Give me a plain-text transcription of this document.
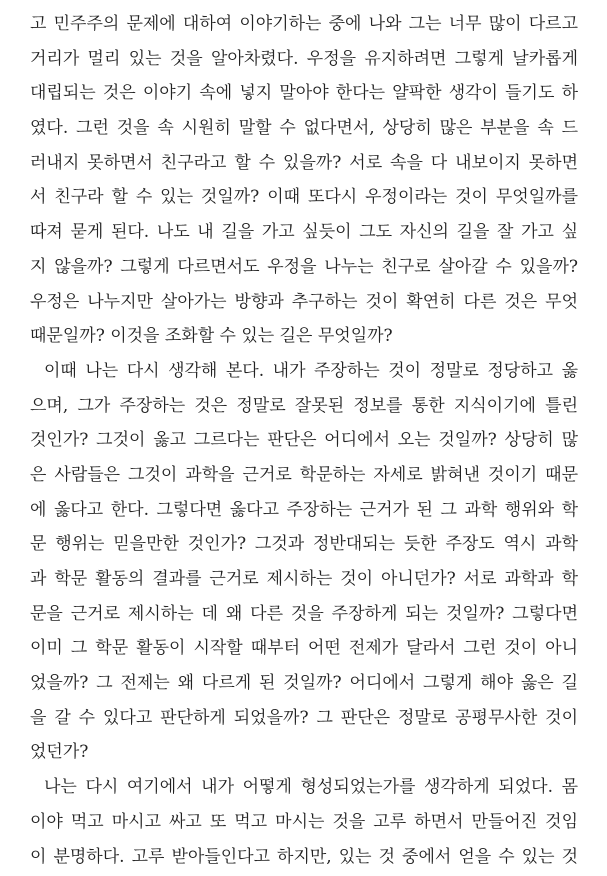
고 민주주의 문제에 대하여 이야기하는 중에 나와 그는 너무 많이 다르고
거리가 멀리 있는 것을 알아차렸다. 우정을 유지하려면 그렇게 날카롭게
대립되는 것은 이야기 속에 넣지 말아야 한다는 얄팍한 생각이 들기도 하
였다. 그런 것을 속 시원히 말할 수 없다면서, 상당히 많은 부분을 속 드
러내지 못하면서 친구라고 할 수 있을까? 서로 속을 다 내보이지 못하면
서 친구라 할 수 있는 것일까? 이때 또다시 우정이라는 것이 무엇일까를
따져 묻게 된다. 나도 내 길을 가고 싶듯이 그도 자신의 길을 잘 가고 싶
지 않을까? 그렇게 다르면서도 우정을 나누는 친구로 살아갈 수 있을까?
우정은 나누지만 살아가는 방향과 추구하는 것이 확연히 다른 것은 무엇
때문일까? 이것을 조화할 수 있는 길은 무엇일까?
이때 나는 다시 생각해 본다. 내가 주장하는 것이 정말로 정당하고 옳
으며, 그가 주장하는 것은 정말로 잘못된 정보를 통한 지식이기에 틀린
것인가? 그것이 옳고 그르다는 판단은 어디에서 오는 것일까? 상당히 많
은 사람들은 그것이 과학을 근거로 학문하는 자세로 밝혀낸 것이기 때문
에 옳다고 한다. 그렇다면 옳다고 주장하는 근거가 된 그 과학 행위와 학
문 행위는 믿을만한 것인가? 그것과 정반대되는 듯한 주장도 역시 과학
과 학문 활동의 결과를 근거로 제시하는 것이 아니던가? 서로 과학과 학
문을 근거로 제시하는 데 왜 다른 것을 주장하게 되는 것일까? 그렇다면
이미 그 학문 활동이 시작할 때부터 어떤 전제가 달라서 그런 것이 아니
었을까? 그 전제는 왜 다르게 된 것일까? 어디에서 그렇게 해야 옳은 길
을 갈 수 있다고 판단하게 되었을까? 그 판단은 정말로 공평무사한 것이
었던가?
나는 다시 여기에서 내가 어떻게 형성되었는가를 생각하게 되었다. 몸
이야 먹고 마시고 싸고 또 먹고 마시는 것을 고루 하면서 만들어진 것임
이 분명하다. 고루 받아들인다고 하지만, 있는 것 중에서 얻을 수 있는 것
